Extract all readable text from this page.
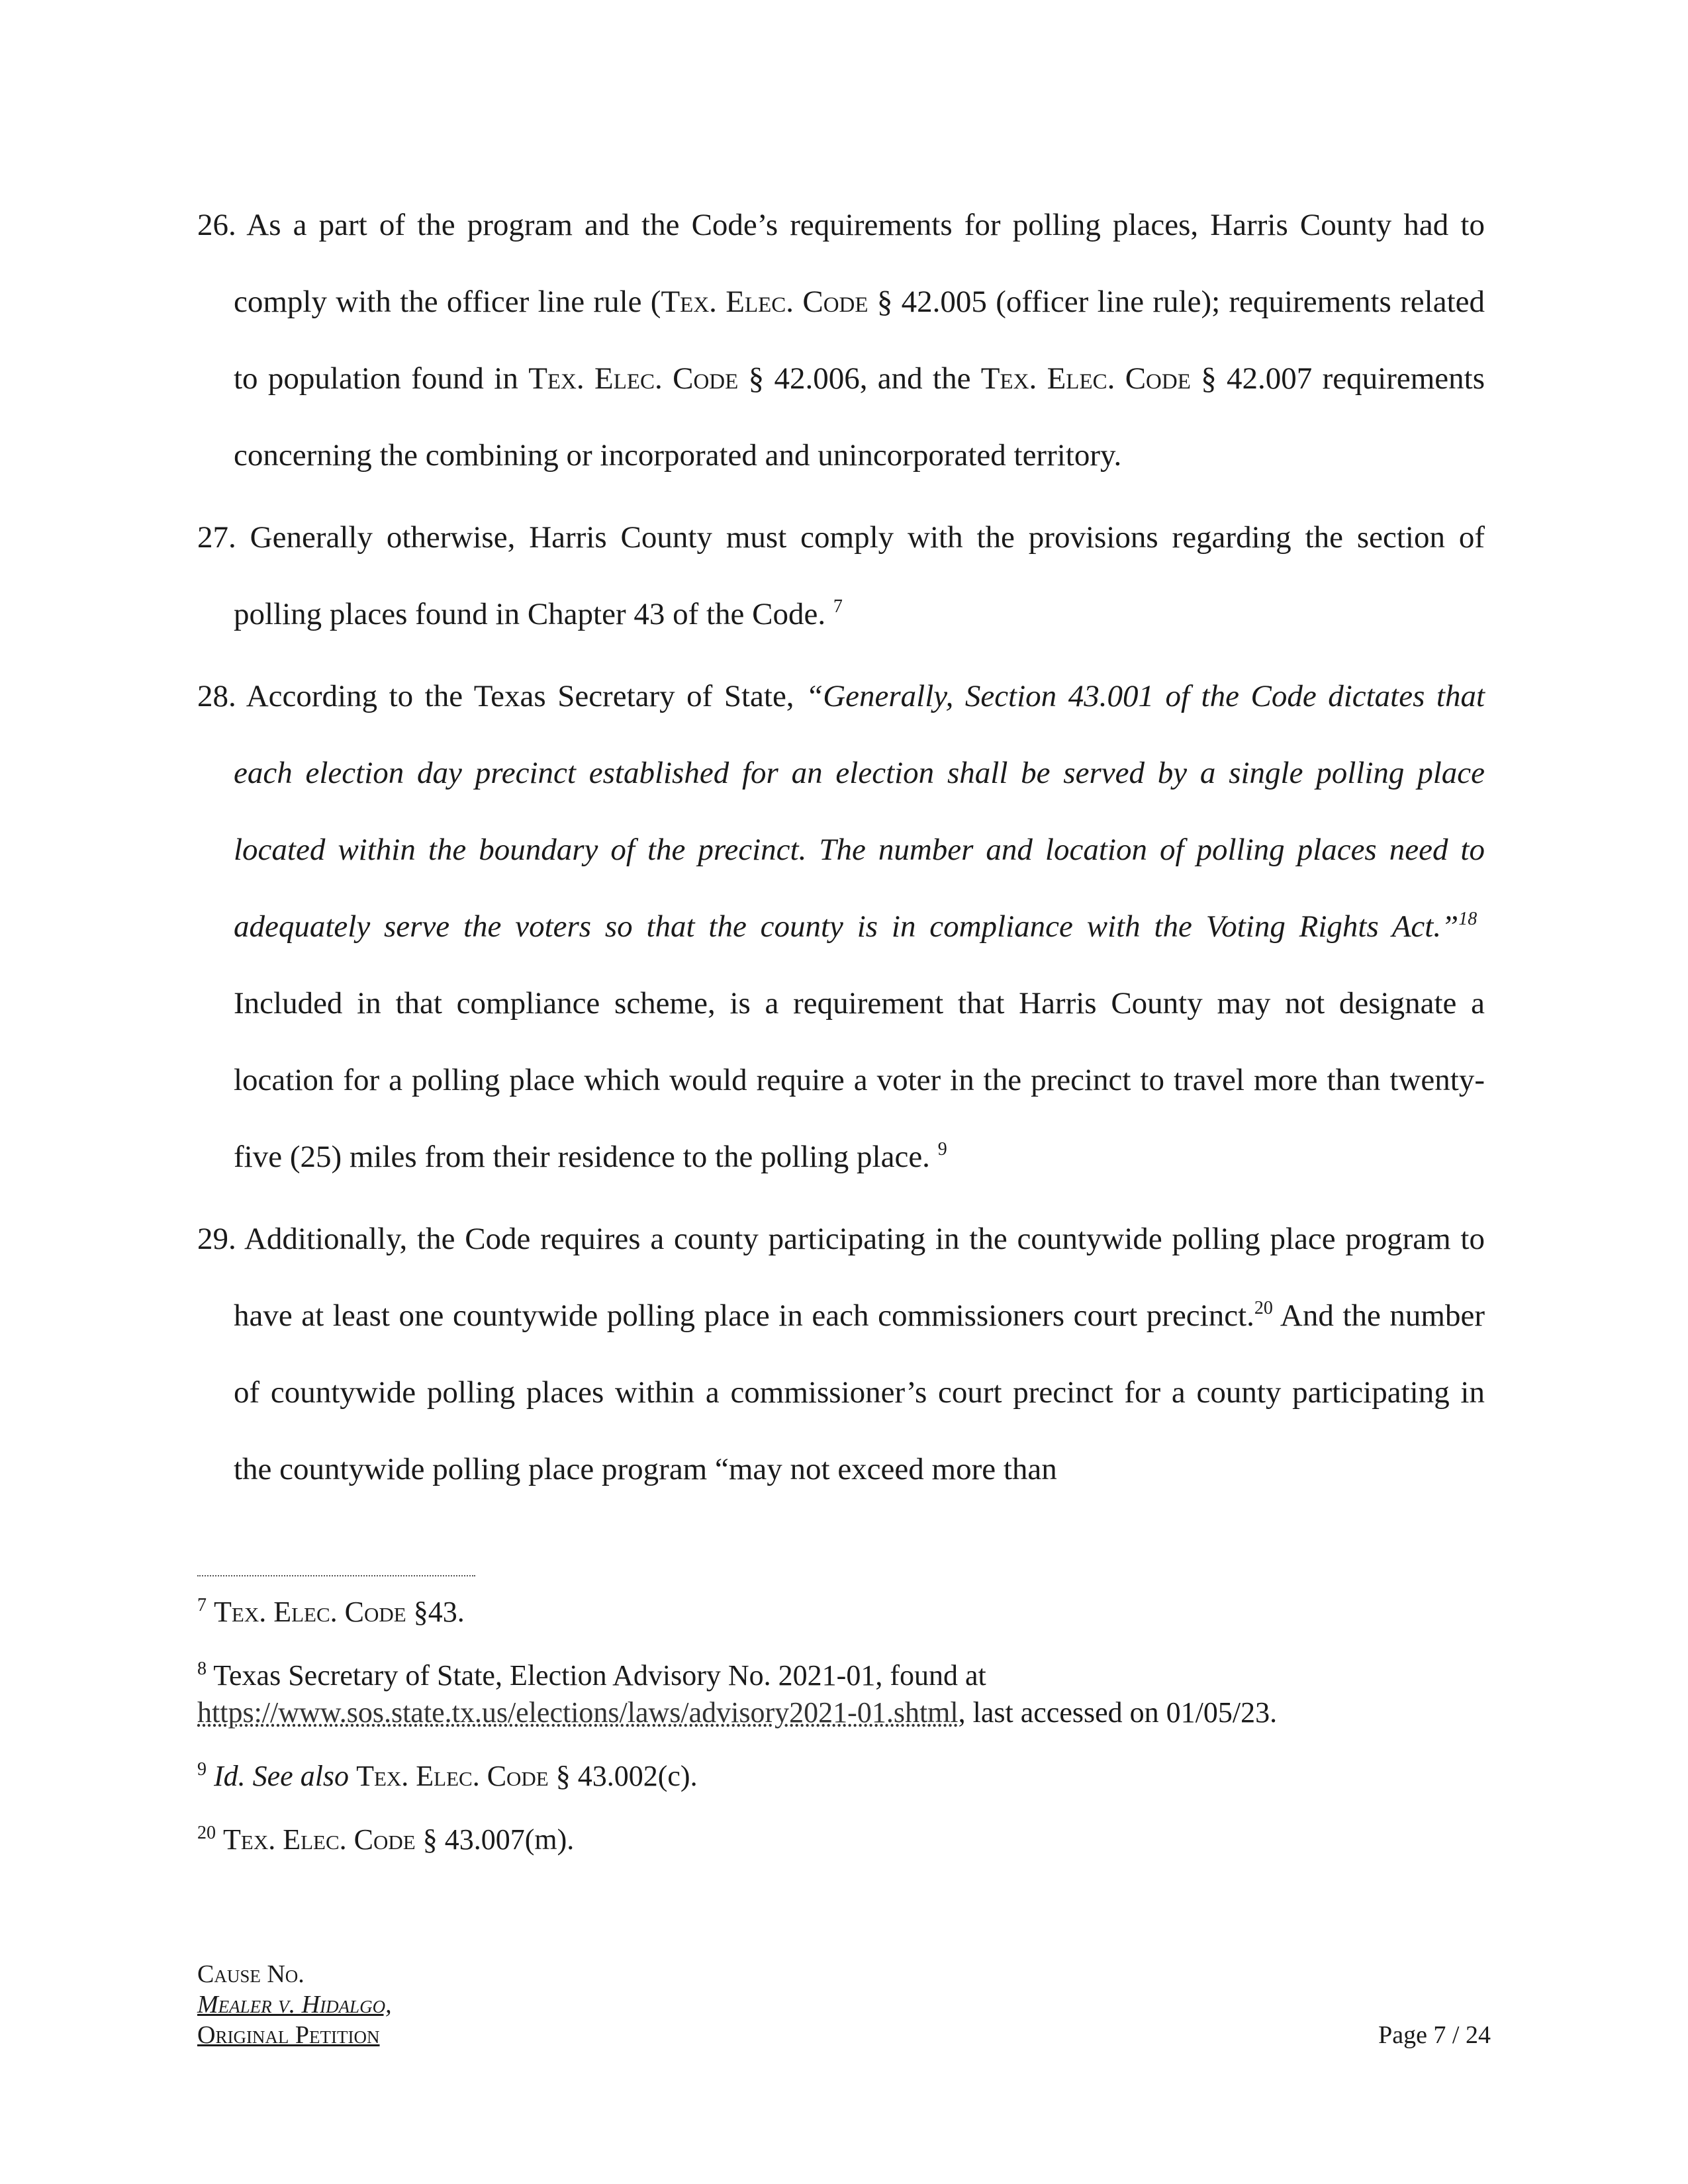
26. As a part of the program and the Code’s requirements for polling places, Harris County had to comply with the officer line rule (Tex. Elec. Code § 42.005 (officer line rule); requirements related to population found in Tex. Elec. Code § 42.006, and the Tex. Elec. Code § 42.007 requirements concerning the combining or incorporated and unincorporated territory.

27. Generally otherwise, Harris County must comply with the provisions regarding the section of polling places found in Chapter 43 of the Code. $^7$

28. According to the Texas Secretary of State, “Generally, Section 43.001 of the Code dictates that each election day precinct established for an election shall be served by a single polling place located within the boundary of the precinct. The number and location of polling places need to adequately serve the voters so that the county is in compliance with the Voting Rights Act.”$^{18}$  Included in that compliance scheme, is a requirement that Harris County may not designate a location for a polling place which would require a voter in the precinct to travel more than twenty-five (25) miles from their residence to the polling place. $^9$

29. Additionally, the Code requires a county participating in the countywide polling place program to have at least one countywide polling place in each commissioners court precinct.$^{20}$ And the number of countywide polling places within a commissioner’s court precinct for a county participating in the countywide polling place program “may not exceed more than

$^7$ Tex. Elec. Code §43.

$^8$ Texas Secretary of State, Election Advisory No. 2021-01, found at https://www.sos.state.tx.us/elections/laws/advisory2021-01.shtml, last accessed on 01/05/23.

$^9$ Id. See also Tex. Elec. Code § 43.002(c).

$^{20}$ Tex. Elec. Code § 43.007(m).

Cause No.
Mealer v. Hidalgo,
Original Petition	Page 7 / 24
